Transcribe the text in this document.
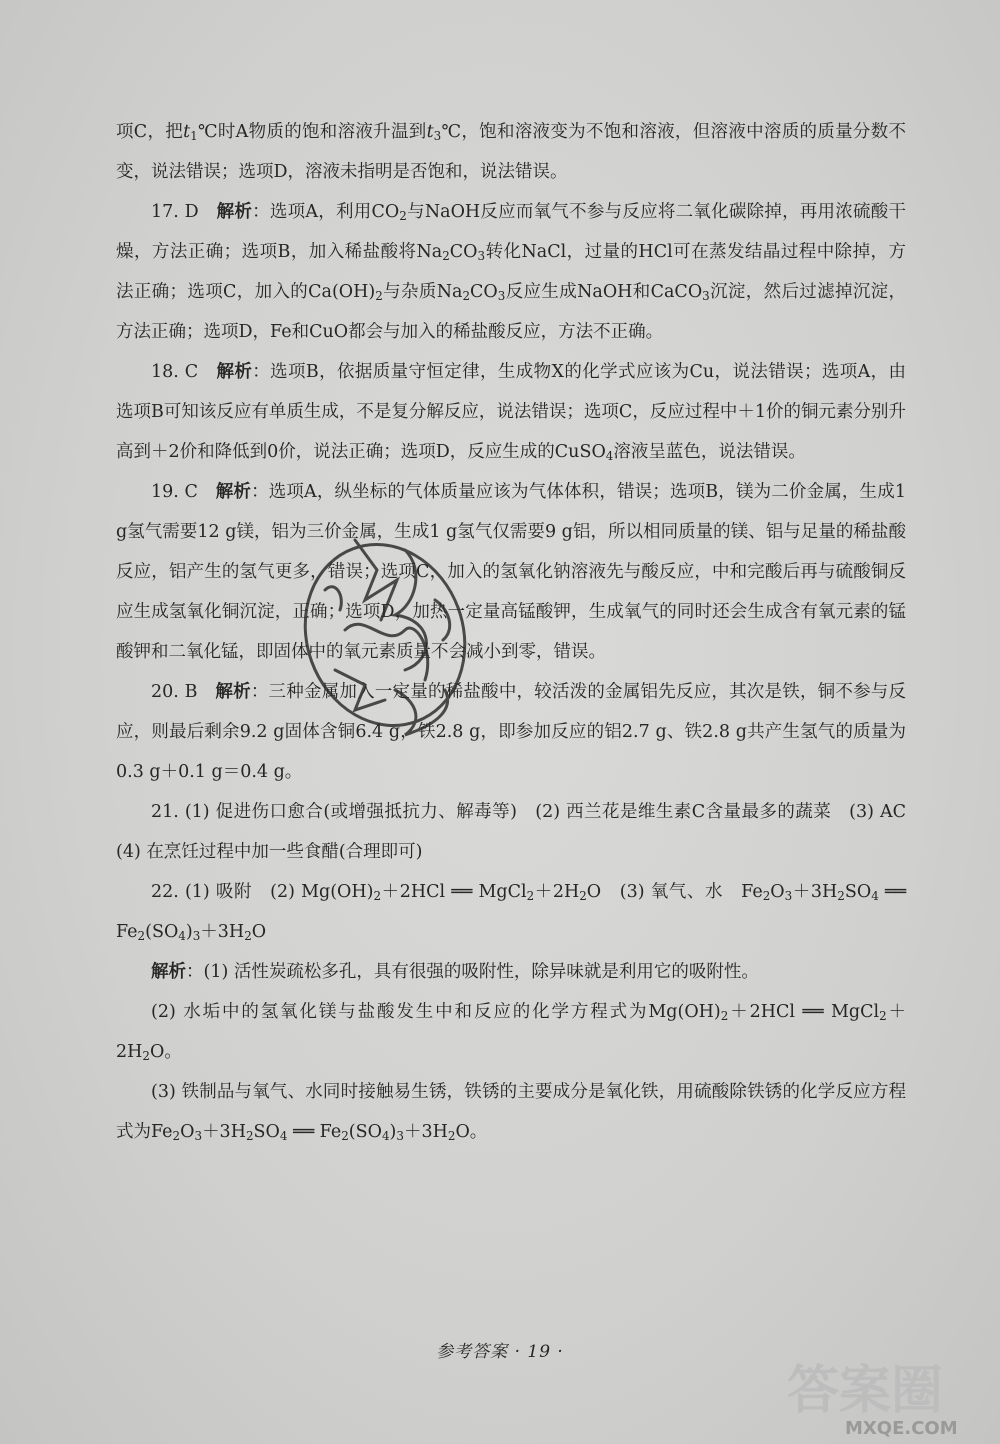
项C，把$t_1℃$时A物质的饱和溶液升温到$t_3℃$，饱和溶液变为不饱和溶液，但溶液中溶质的质量分数不变，说法错误；选项D，溶液未指明是否饱和，说法错误。

17. D　 解析：选项A，利用$CO_2$与NaOH反应而氧气不参与反应将二氧化碳除掉，再用浓硫酸干燥，方法正确；选项B，加入稀盐酸将$Na_2CO_3$转化NaCl，过量的HCl可在蒸发结晶过程中除掉，方法正确；选项C，加入的$Ca(OH)_2$与杂质$Na_2CO_3$反应生成NaOH和CaCO$_3$沉淀，然后过滤掉沉淀，方法正确；选项D，Fe和CuO都会与加入的稀盐酸反应，方法不正确。

18. C　 解析：选项B，依据质量守恒定律，生成物X的化学式应该为Cu，说法错误；选项A，由选项B可知该反应有单质生成，不是复分解反应，说法错误；选项C，反应过程中＋1价的铜元素分别升高到＋2价和降低到0价，说法正确；选项D，反应生成的CuSO$_4$溶液呈蓝色，说法错误。

19. C　 解析：选项A，纵坐标的气体质量应该为气体体积，错误；选项B，镁为二价金属，生成1 g氢气需要12 g镁，铝为三价金属，生成1 g氢气仅需要9 g铝，所以相同质量的镁、铝与足量的稀盐酸反应，铝产生的氢气更多，错误；选项C，加入的氢氧化钠溶液先与酸反应，中和完酸后再与硫酸铜反应生成氢氧化铜沉淀，正确；选项D，加热一定量高锰酸钾，生成氧气的同时还会生成含有氧元素的锰酸钾和二氧化锰，即固体中的氧元素质量不会减小到零，错误。

20. B　 解析：三种金属加入一定量的稀盐酸中，较活泼的金属铝先反应，其次是铁，铜不参与反应，则最后剩余9.2 g固体含铜6.4 g，铁2.8 g，即参加反应的铝2.7 g、铁2.8 g共产生氢气的质量为0.3 g＋0.1 g＝0.4 g。

21. (1) 促进伤口愈合(或增强抵抗力、解毒等)　(2) 西兰花是维生素C含量最多的蔬菜　(3) AC　(4) 在烹饪过程中加一些食醋(合理即可)

22. (1) 吸附　(2) $Mg(OH)_2+2HCl$ ══ $MgCl_2+2H_2O$　(3) 氧气、水　$Fe_2O_3+3H_2SO_4$ ══ $Fe_2(SO_4)_3+3H_2O$

解析：(1) 活性炭疏松多孔，具有很强的吸附性，除异味就是利用它的吸附性。

(2) 水垢中的氢氧化镁与盐酸发生中和反应的化学方程式为$Mg(OH)_2+2HCl$ ══ $MgCl_2+2H_2O$。

(3) 铁制品与氧气、水同时接触易生锈，铁锈的主要成分是氧化铁，用硫酸除铁锈的化学反应方程式为$Fe_2O_3+3H_2SO_4$ ══ $Fe_2(SO_4)_3+3H_2O$。

参考答案 · 19 ·
答案圈
MXQE.COM
